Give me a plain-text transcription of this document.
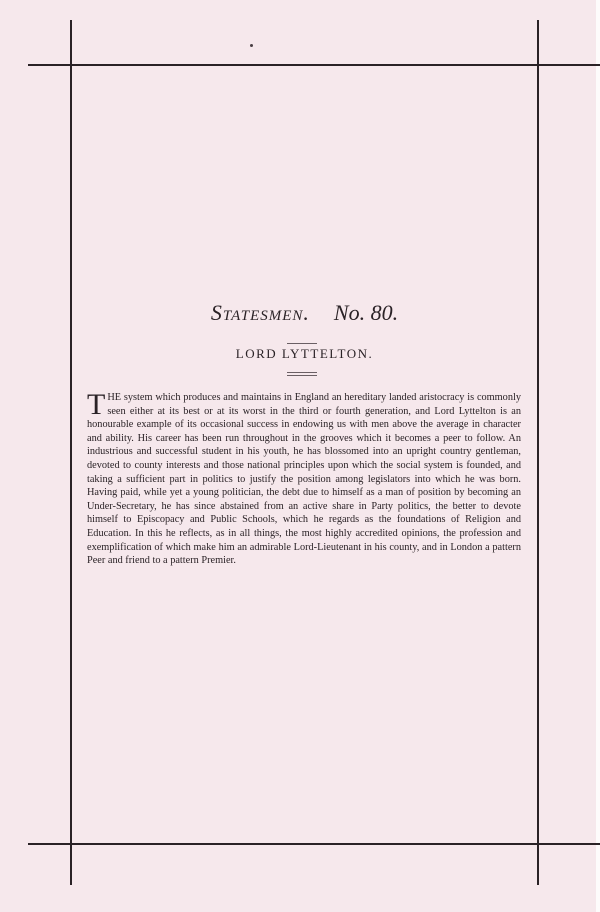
Statesmen. No. 80.
LORD LYTTELTON.
THE system which produces and maintains in England an hereditary landed aristocracy is commonly seen either at its best or at its worst in the third or fourth generation, and Lord Lyttelton is an honourable example of its occasional success in endowing us with men above the average in character and ability. His career has been run throughout in the grooves which it becomes a peer to follow. An industrious and successful student in his youth, he has blossomed into an upright country gentleman, devoted to county interests and those national principles upon which the social system is founded, and taking a sufficient part in politics to justify the position among legislators into which he was born. Having paid, while yet a young politician, the debt due to himself as a man of position by becoming an Under-Secretary, he has since abstained from an active share in Party politics, the better to devote himself to Episcopacy and Public Schools, which he regards as the foundations of Religion and Education. In this he reflects, as in all things, the most highly accredited opinions, the profession and exemplification of which make him an admirable Lord-Lieutenant in his county, and in London a pattern Peer and friend to a pattern Premier.
